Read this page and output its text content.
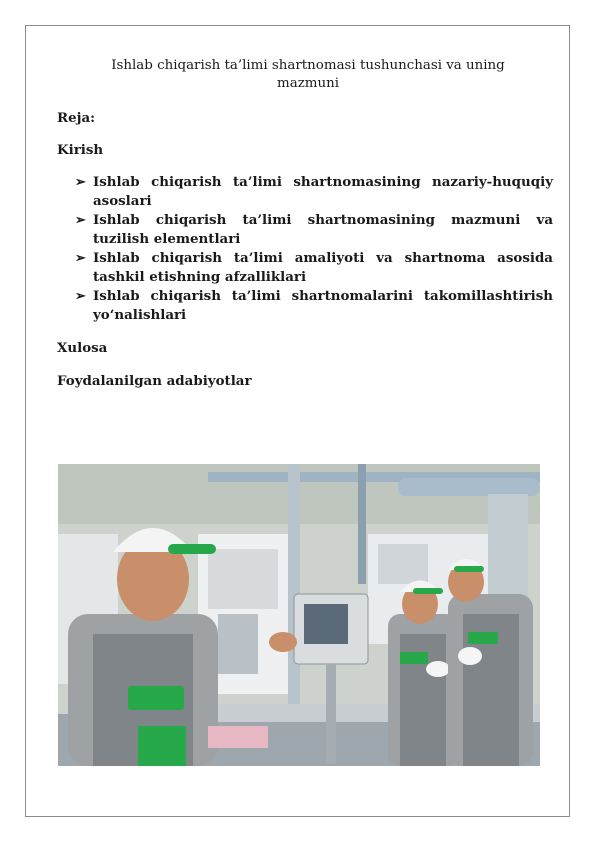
Ishlab chiqarish ta’limi shartnomasi tushunchasi va uning mazmuni
Reja:
Kirish
➢ Ishlab chiqarish ta’limi shartnomasining nazariy-huquqiy asoslari
➢ Ishlab chiqarish ta’limi shartnomasining mazmuni va tuzilish elementlari
➢ Ishlab chiqarish ta’limi amaliyoti va shartnoma asosida tashkil etishning afzalliklari
➢ Ishlab chiqarish ta’limi shartnomalarini takomillashtirish yo‘nalishlari
Xulosa
Foydalanilgan adabiyotlar
